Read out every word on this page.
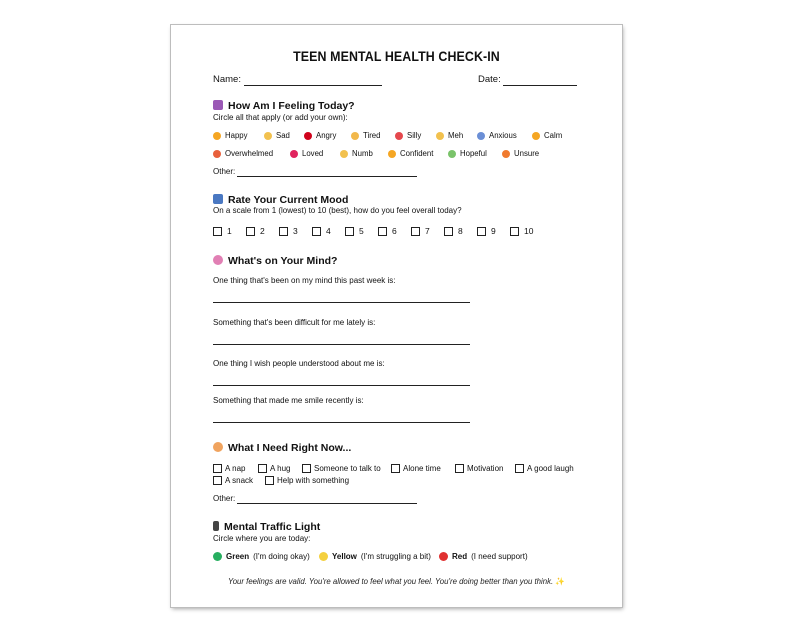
TEEN MENTAL HEALTH CHECK-IN
Name:	Date:
How Am I Feeling Today?
Circle all that apply (or add your own):
Happy	Sad	Angry	Tired	Silly	Meh	Anxious	Calm
Overwhelmed	Loved	Numb	Confident	Hopeful	Unsure
Other:
Rate Your Current Mood
On a scale from 1 (lowest) to 10 (best), how do you feel overall today?
1	2	3	4	5	6	7	8	9	10
What's on Your Mind?
One thing that's been on my mind this past week is:
Something that's been difficult for me lately is:
One thing I wish people understood about me is:
Something that made me smile recently is:
What I Need Right Now...
A nap	A hug	Someone to talk to	Alone time	Motivation	A good laugh
A snack	Help with something
Other:
Mental Traffic Light
Circle where you are today:
Green (I'm doing okay)	Yellow (I'm struggling a bit)	Red (I need support)
Your feelings are valid. You're allowed to feel what you feel. You're doing better than you think. ✨
